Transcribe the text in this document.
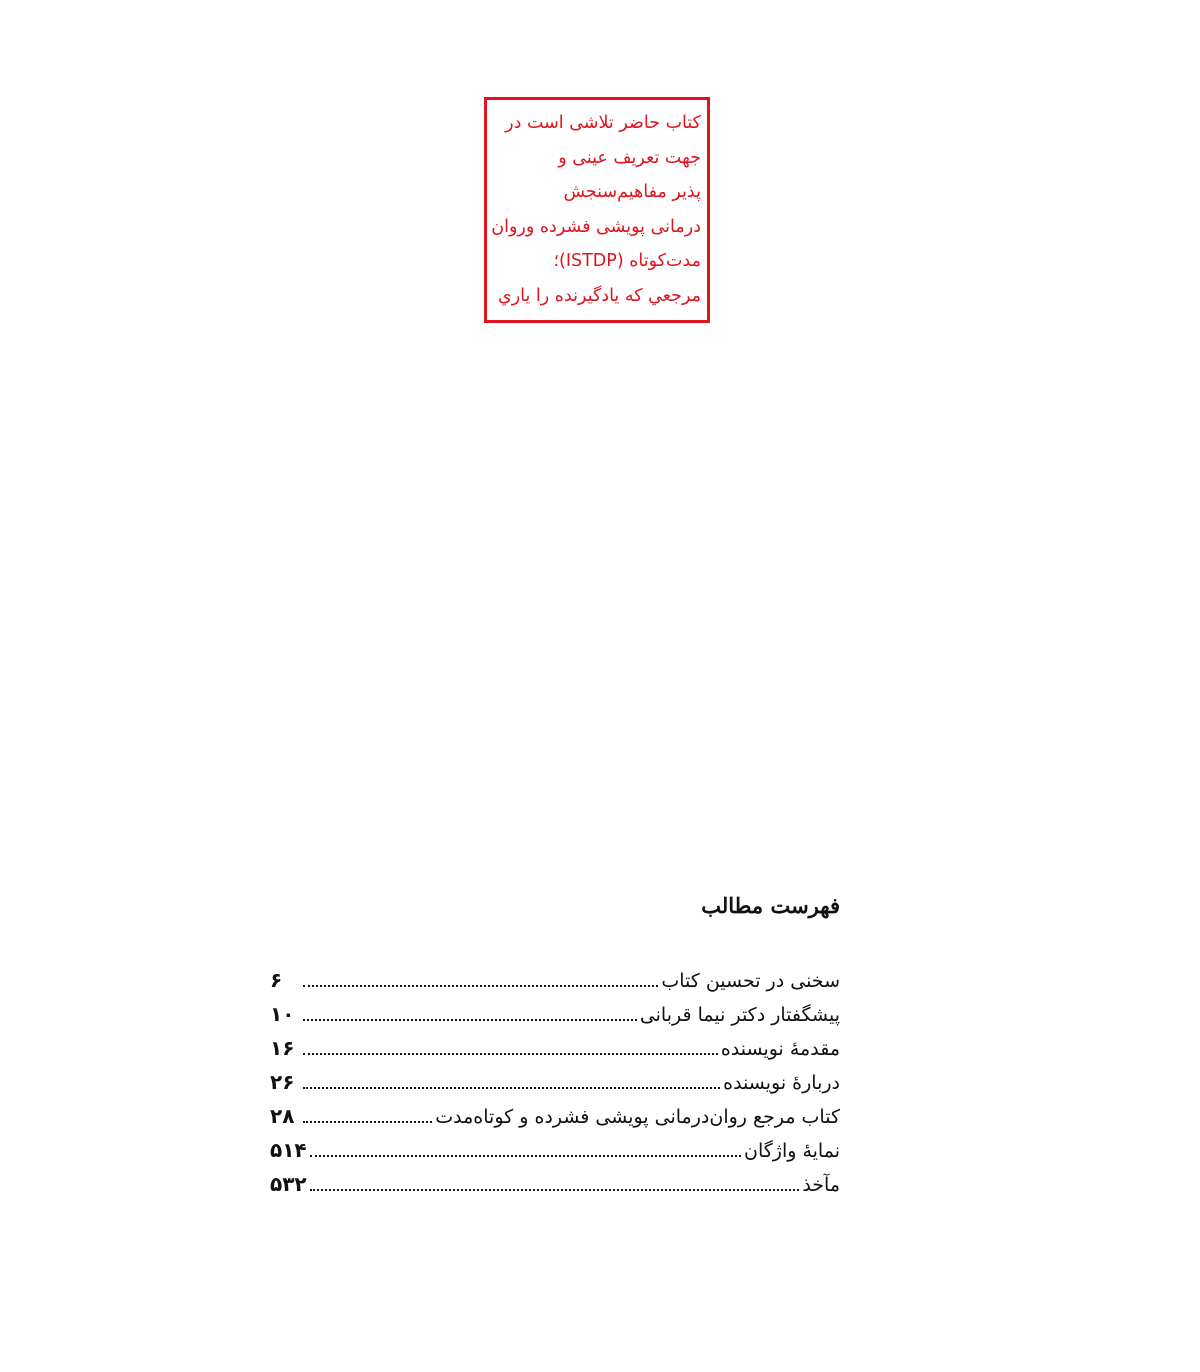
کتاب حاضر تلاشی است در
جهت تعریف عینی و
پذیر مفاهیم‌سنجش
درمانی پویشی فشرده وروان
مدت‌کوتاه (ISTDP)؛
مرجعي که يادگيرنده را ياري
فهرست مطالب
سخنی در تحسین کتاب
۶
پیشگفتار دکتر نیما قربانی
۱۰
مقدمهٔ نویسنده
۱۶
دربارهٔ نویسنده
۲۶
کتاب مرجع روان‌درمانی پویشی فشرده و کوتاه‌مدت
۲۸
نمایهٔ واژگان
۵۱۴
مآخذ
۵۳۲
